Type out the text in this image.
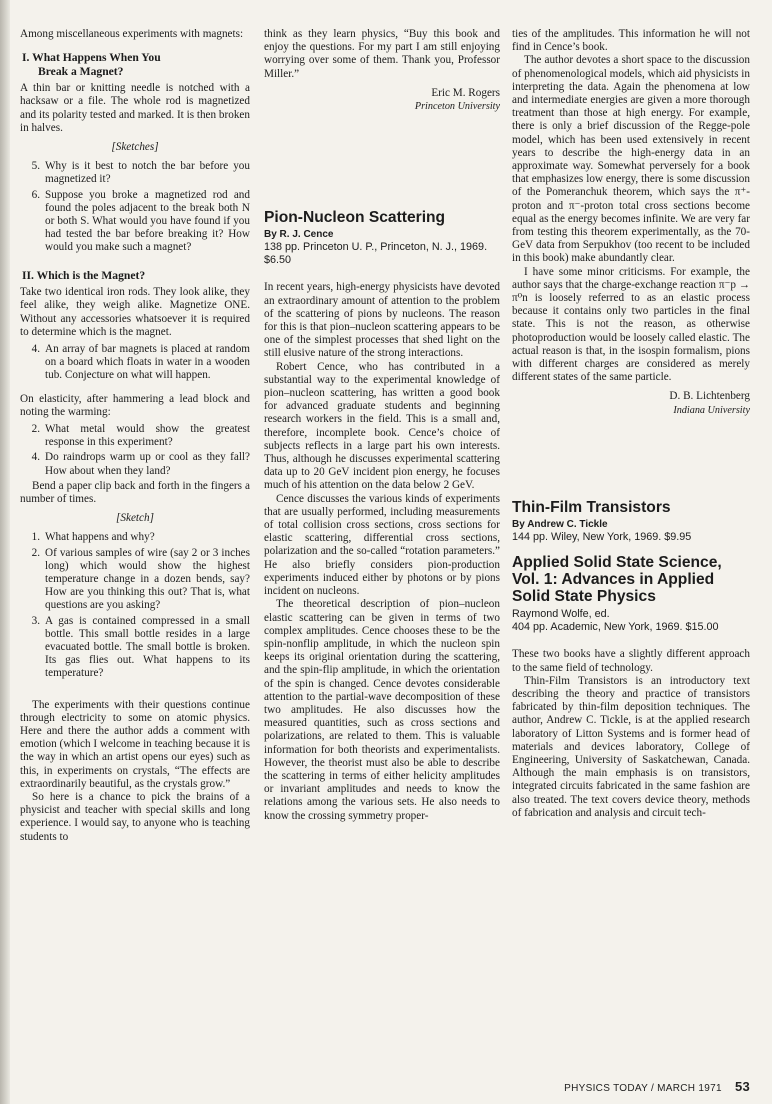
Among miscellaneous experiments with magnets:

I. What Happens When You
Break a Magnet?

A thin bar or knitting needle is notched with a hacksaw or a file. The whole rod is magnetized and its polarity tested and marked. It is then broken in halves.

[Sketches]

5. Why is it best to notch the bar before you magnetized it?
6. Suppose you broke a magnetized rod and found the poles adjacent to the break both N or both S. What would you have found if you had tested the bar before breaking it? How would you make such a magnet?
II. Which is the Magnet?

Take two identical iron rods. They look alike, they feel alike, they weigh alike. Magnetize ONE. Without any accessories whatsoever it is required to determine which is the magnet.

4. An array of bar magnets is placed at random on a board which floats in water in a wooden tub. Conjecture on what will happen.

On elasticity, after hammering a lead block and noting the warming:

2. What metal would show the greatest response in this experiment?
4. Do raindrops warm up or cool as they fall? How about when they land?

Bend a paper clip back and forth in the fingers a number of times.

[Sketch]

1. What happens and why?
2. Of various samples of wire (say 2 or 3 inches long) which would show the highest temperature change in a dozen bends, say? How are you thinking this out? That is, what questions are you asking?
3. A gas is contained compressed in a small bottle. This small bottle resides in a large evacuated bottle. The small bottle is broken. Its gas flies out. What happens to its temperature?

The experiments with their questions continue through electricity to some on atomic physics. Here and there the author adds a comment with emotion (which I welcome in teaching because it is the way in which an artist opens our eyes) such as this, in experiments on crystals, “The effects are extraordinarily beautiful, as the crystals grow.”

So here is a chance to pick the brains of a physicist and teacher with special skills and long experience. I would say, to anyone who is teaching students to

think as they learn physics, “Buy this book and enjoy the questions. For my part I am still enjoying worrying over some of them. Thank you, Professor Miller.”

Eric M. Rogers
Princeton University
Pion-Nucleon Scattering
By R. J. Cence
138 pp. Princeton U. P., Princeton, N. J., 1969. $6.50

In recent years, high-energy physicists have devoted an extraordinary amount of attention to the problem of the scattering of pions by nucleons. The reason for this is that pion–nucleon scattering appears to be one of the simplest processes that shed light on the still elusive nature of the strong interactions.

Robert Cence, who has contributed in a substantial way to the experimental knowledge of pion–nucleon scattering, has written a good book for advanced graduate students and beginning research workers in the field. This is a small and, therefore, incomplete book. Cence’s choice of subjects reflects in a large part his own interests. Thus, although he discusses experimental scattering data up to 20 GeV incident pion energy, he focuses much of his attention on the data below 2 GeV.

Cence discusses the various kinds of experiments that are usually performed, including measurements of total collision cross sections, cross sections for elastic scattering, differential cross sections, polarization and the so-called “rotation parameters.” He also briefly considers pion-production experiments induced either by photons or by pions incident on nucleons.

The theoretical description of pion–nucleon elastic scattering can be given in terms of two complex amplitudes. Cence chooses these to be the spin-nonflip amplitude, in which the nucleon spin keeps its original orientation during the scattering, and the spin-flip amplitude, in which the orientation of the spin is changed. Cence devotes considerable attention to the partial-wave decomposition of these two amplitudes. He also discusses how the measured quantities, such as cross sections and polarizations, are related to them. This is valuable information for both theorists and experimentalists. However, the theorist must also be able to describe the scattering in terms of either helicity amplitudes or invariant amplitudes and needs to know the relations among the various sets. He also needs to know the crossing symmetry proper-

ties of the amplitudes. This information he will not find in Cence’s book.

The author devotes a short space to the discussion of phenomenological models, which aid physicists in interpreting the data. Again the phenomena at low and intermediate energies are given a more thorough treatment than those at high energy. For example, there is only a brief discussion of the Regge-pole model, which has been used extensively in recent years to describe the high-energy data in an approximate way. Somewhat perversely for a book that emphasizes low energy, there is some discussion of the Pomeranchuk theorem, which says the π⁺-proton and π⁻-proton total cross sections become equal as the energy becomes infinite. We are very far from testing this theorem experimentally, as the 70-GeV data from Serpukhov (too recent to be included in this book) make abundantly clear.

I have some minor criticisms. For example, the author says that the charge-exchange reaction π⁻p → π⁰n is loosely referred to as an elastic process because it contains only two particles in the final state. This is not the reason, as otherwise photoproduction would be loosely called elastic. The actual reason is that, in the isospin formalism, pions with different charges are considered as merely different states of the same particle.

D. B. Lichtenberg
Indiana University
Thin-Film Transistors
By Andrew C. Tickle
144 pp. Wiley, New York, 1969. $9.95
Applied Solid State Science, Vol. 1: Advances in Applied Solid State Physics
Raymond Wolfe, ed.
404 pp. Academic, New York, 1969. $15.00

These two books have a slightly different approach to the same field of technology.

Thin-Film Transistors is an introductory text describing the theory and practice of transistors fabricated by thin-film deposition techniques. The author, Andrew C. Tickle, is at the applied research laboratory of Litton Systems and is former head of materials and devices laboratory, College of Engineering, University of Saskatchewan, Canada. Although the main emphasis is on transistors, integrated circuits fabricated in the same fashion are also treated. The text covers device theory, methods of fabrication and analysis and circuit tech-

PHYSICS TODAY / MARCH 1971 53
